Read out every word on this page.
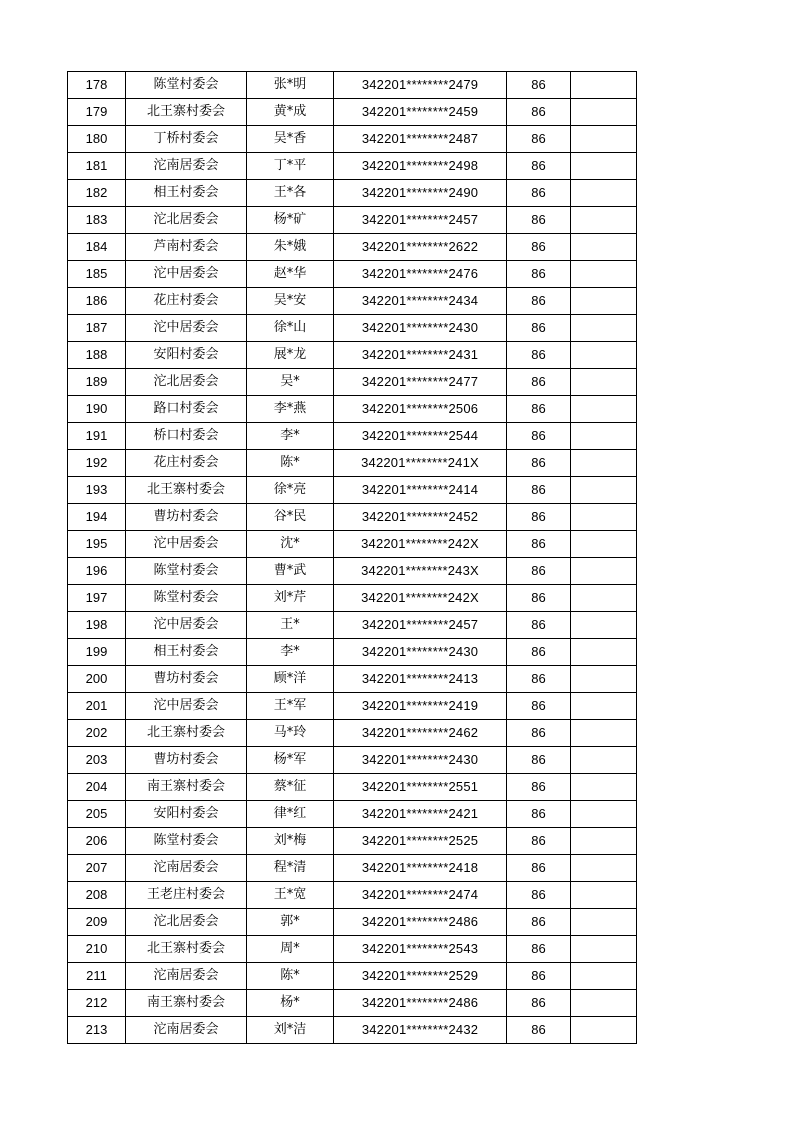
178	陈堂村委会	张*明	342201********2479	86	
179	北王寨村委会	黄*成	342201********2459	86	
180	丁桥村委会	吴*香	342201********2487	86	
181	沱南居委会	丁*平	342201********2498	86	
182	相王村委会	王*各	342201********2490	86	
183	沱北居委会	杨*矿	342201********2457	86	
184	芦南村委会	朱*娥	342201********2622	86	
185	沱中居委会	赵*华	342201********2476	86	
186	花庄村委会	吴*安	342201********2434	86	
187	沱中居委会	徐*山	342201********2430	86	
188	安阳村委会	展*龙	342201********2431	86	
189	沱北居委会	吴*	342201********2477	86	
190	路口村委会	李*燕	342201********2506	86	
191	桥口村委会	李*	342201********2544	86	
192	花庄村委会	陈*	342201********241X	86	
193	北王寨村委会	徐*亮	342201********2414	86	
194	曹坊村委会	谷*民	342201********2452	86	
195	沱中居委会	沈*	342201********242X	86	
196	陈堂村委会	曹*武	342201********243X	86	
197	陈堂村委会	刘*芹	342201********242X	86	
198	沱中居委会	王*	342201********2457	86	
199	相王村委会	李*	342201********2430	86	
200	曹坊村委会	顾*洋	342201********2413	86	
201	沱中居委会	王*军	342201********2419	86	
202	北王寨村委会	马*玲	342201********2462	86	
203	曹坊村委会	杨*军	342201********2430	86	
204	南王寨村委会	蔡*征	342201********2551	86	
205	安阳村委会	律*红	342201********2421	86	
206	陈堂村委会	刘*梅	342201********2525	86	
207	沱南居委会	程*清	342201********2418	86	
208	王老庄村委会	王*宽	342201********2474	86	
209	沱北居委会	郭*	342201********2486	86	
210	北王寨村委会	周*	342201********2543	86	
211	沱南居委会	陈*	342201********2529	86	
212	南王寨村委会	杨*	342201********2486	86	
213	沱南居委会	刘*洁	342201********2432	86	
